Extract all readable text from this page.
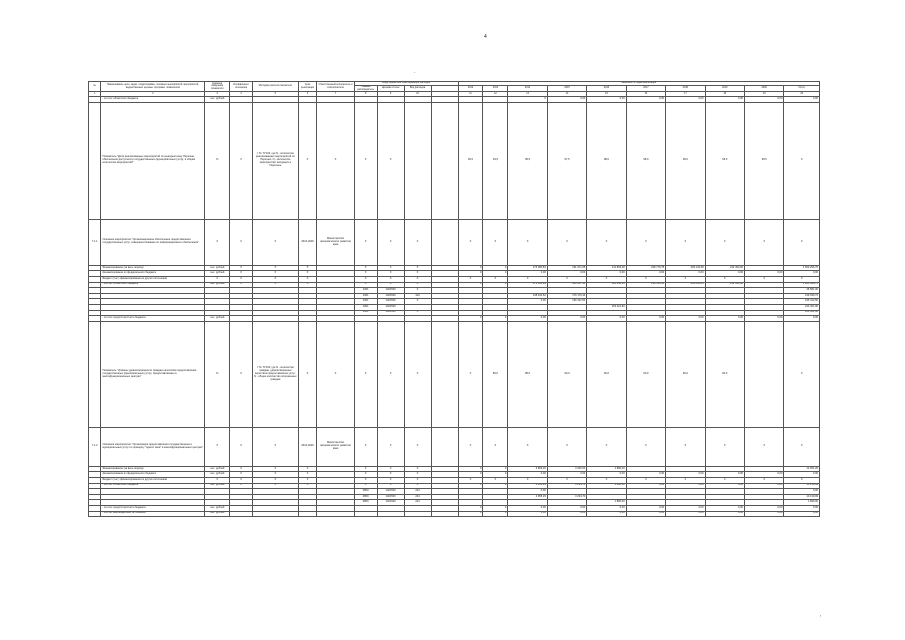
4
·
,
№	Наименование цели, задач, подпрограммы, основных мероприятий, мероприятий, ведомственных целевых программ, показателей	Единица измерения показателя	Коэффициент отношения	Методика расчета показателя	Срок реализации	Ответственный исполнитель и соисполнители	Коды бюджетной классификации расходов				Значения по годам реализации									
							Главный распорядитель	Целевая статья	Вид расходов		2012	2013	2014	2015	2016	2017	2018	2019	2020	Итого
1	2	3	4	5	6	7	8	9	10		11	12	13	14	15	16	17	18	19	20
	- за счет областного бюджета	тыс. рублей											0	0,00	0,00	0,00	0,00	0,00	0,00	0,00
	Показатель "Доля реализованных мероприятий по конкурентному Перечню, обеспечения доступности государственных (муниципальных) услуг, в общем количестве мероприятий"	%	Х	= N / N°100, где N - количество реализованных мероприятий по Перечню; N - количество мероприятий, входящих в Перечень	Х	Х	Х	Х			93,0	94,5	95,5	97,5	98,0	98,0	99,0	99,5	99,5	Х
7.1.1	Основное мероприятие "Организационное обеспечение предоставления государственных услуг, совершенствование их информационного обеспечения"	Х	Х	Х	2014-2020	Министерство экономического развития края	Х	Х	Х		Х	Х	Х	Х	Х	Х	Х	Х	Х	Х
	Финансирование (за весь период)	тыс. рублей	Х	Х	Х		Х	Х	Х		0	0	176 080,83	191 971,65	211 863,28	228 779,78	239 143,38	232 390,00		1 562 256,75
	финансирование из федерального бюджета	тыс. рублей	Х	Х	Х		Х	Х	Х		0	0	0,00	0,00	0,00	0,00	0,00	0,00	0,00	0,00
	Бюджет (тыс.) финансирования из других источников	Х	Х	Х	Х		Х	Х	Х		Х	Х	Х	Х	Х	Х	Х	Х	Х	Х
	- за счет областного бюджета	тыс. рублей	Х	Х	Х		Х	Х	Х		0	0	176 080,83	186 917,35	185 693,16	198 133,18	234 830,84	232 390,00		1 481 998,75
							1001	1401500	Х											46 581,00
							1001	1401500	310				138 460,62	179 179,10						319 639,72
							1001	1401500	Х				0,00	196 312,50						196 312,50
							1001	1401500							163 321,90					163 321,90
							1001	1401500	Х											163 321,90
	- за счет средств местного бюджета	тыс. рублей									0	0	0,00	0,00	0,00	0,00	0,00	0,00	0,00	0,00
	Показатель "Уровень удовлетворенности граждан качеством предоставления государственных (муниципальных) услуг, предоставляемых в многофункциональных центрах"	%	Х	= N / N°100, где N - количество граждан, удовлетворенных качеством предоставления услуг; N - общее количество опрошенных граждан	Х	Х	Х	Х	Х		Х	80,0	85,0	90,0	90,0	90,0	90,0	90,0		Х
7.1.2	Основное мероприятие "Организация предоставления государственных и муниципальных услуг по принципу "одного окна" в многофункциональных центрах"	Х	Х	Х	2014-2020	Министерство экономического развития края	Х	Х	Х		Х	Х	Х	Х	Х	Х	Х	Х	Х	Х
	Финансирование (за весь период)	тыс. рублей	Х	Х	Х		Х	Х	Х		0	0	6 865,26	3 345,00	1 890,00					12 301,26
	финансирование из федерального бюджета	тыс. рублей	Х	Х	Х		Х	Х	Х		0	0	0,00	0,00	0,00	0,00	0,00	0,00	0,00	0,00
	Бюджет (тыс.) финансирования из других источников	Х	Х	Х	Х		Х	Х	Х		Х	Х	Х	Х	Х	Х	Х	Х	Х	Х
	- за счет областного бюджета	тыс. рублей	Х	Х	Х		Х	Х	Х		0	0	4 955,29	3 294,70	1 890,00	0,00	0,00	0,00	0,00	10 139,99
							0809	1401500	244				0,00							0,00
							0809	1401500	244				4 955,29	3 294,70						10 139,99
							0809	1401500	244						1 890,00					1 890,00
	- за счет средств местного бюджета	тыс. рублей									0	0	0,00	0,00	0,00	0,00	0,00	0,00	0,00	0,00
	- за счет внебюджетных источников	тыс. рублей									0	0	0,00	0,00	0,00	0,00	0,00	0,00	0,00	0,00
